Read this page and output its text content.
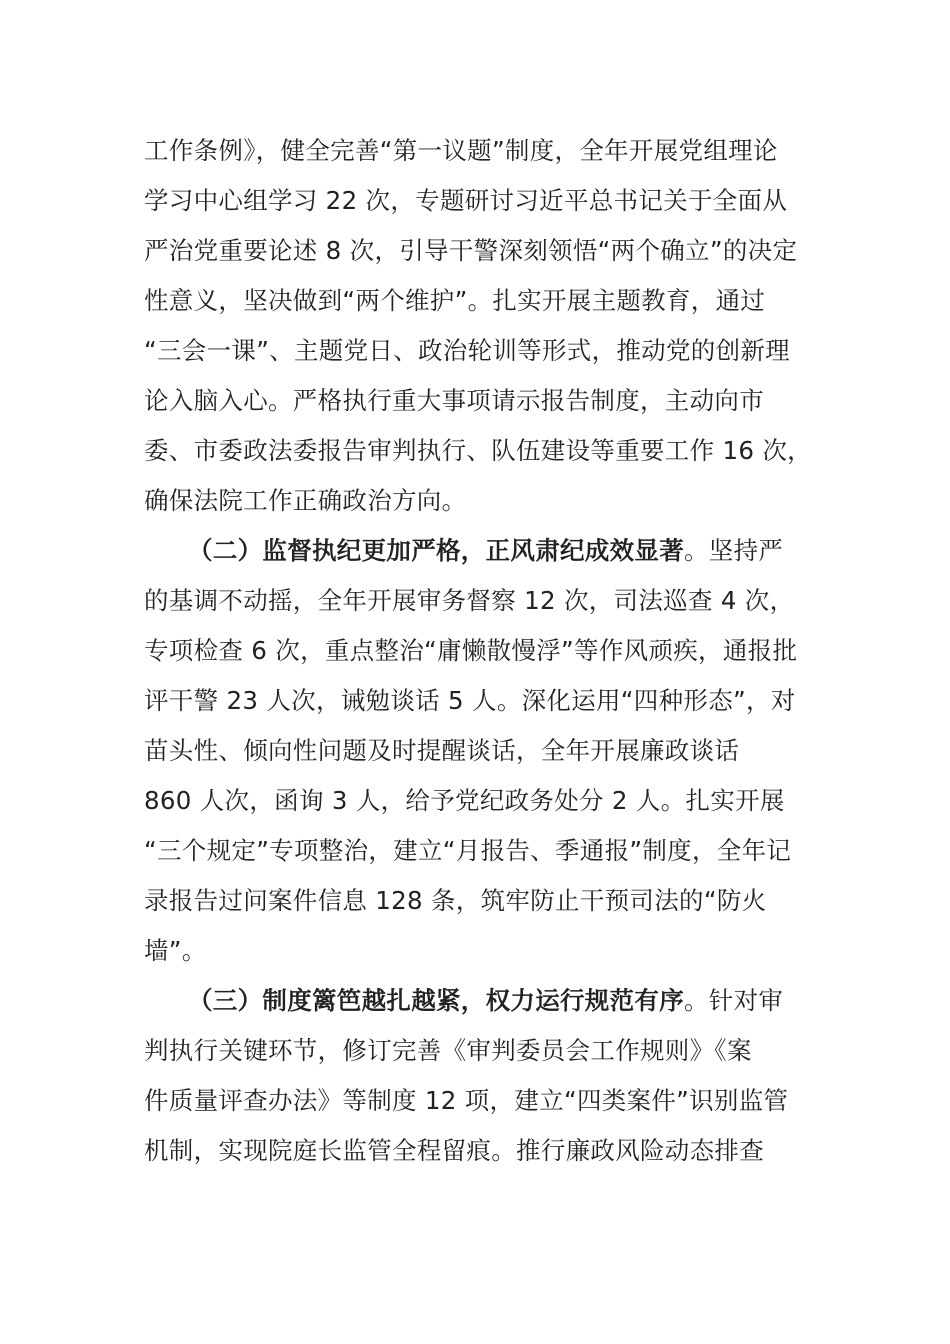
工作条例》，健全完善“第一议题”制度，全年开展党组理论
学习中心组学习 22 次，专题研讨习近平总书记关于全面从
严治党重要论述 8 次，引导干警深刻领悟“两个确立”的决定
性意义，坚决做到“两个维护”。扎实开展主题教育，通过
“三会一课”、主题党日、政治轮训等形式，推动党的创新理
论入脑入心。严格执行重大事项请示报告制度，主动向市
委、市委政法委报告审判执行、队伍建设等重要工作 16 次，
确保法院工作正确政治方向。
（二）监督执纪更加严格，正风肃纪成效显著。坚持严
的基调不动摇，全年开展审务督察 12 次，司法巡查 4 次，
专项检查 6 次，重点整治“庸懒散慢浮”等作风顽疾，通报批
评干警 23 人次，诫勉谈话 5 人。深化运用“四种形态”，对
苗头性、倾向性问题及时提醒谈话，全年开展廉政谈话
860 人次，函询 3 人，给予党纪政务处分 2 人。扎实开展
“三个规定”专项整治，建立“月报告、季通报”制度，全年记
录报告过问案件信息 128 条，筑牢防止干预司法的“防火
墙”。
（三）制度篱笆越扎越紧，权力运行规范有序。针对审
判执行关键环节，修订完善《审判委员会工作规则》《案
件质量评查办法》等制度 12 项，建立“四类案件”识别监管
机制，实现院庭长监管全程留痕。推行廉政风险动态排查
